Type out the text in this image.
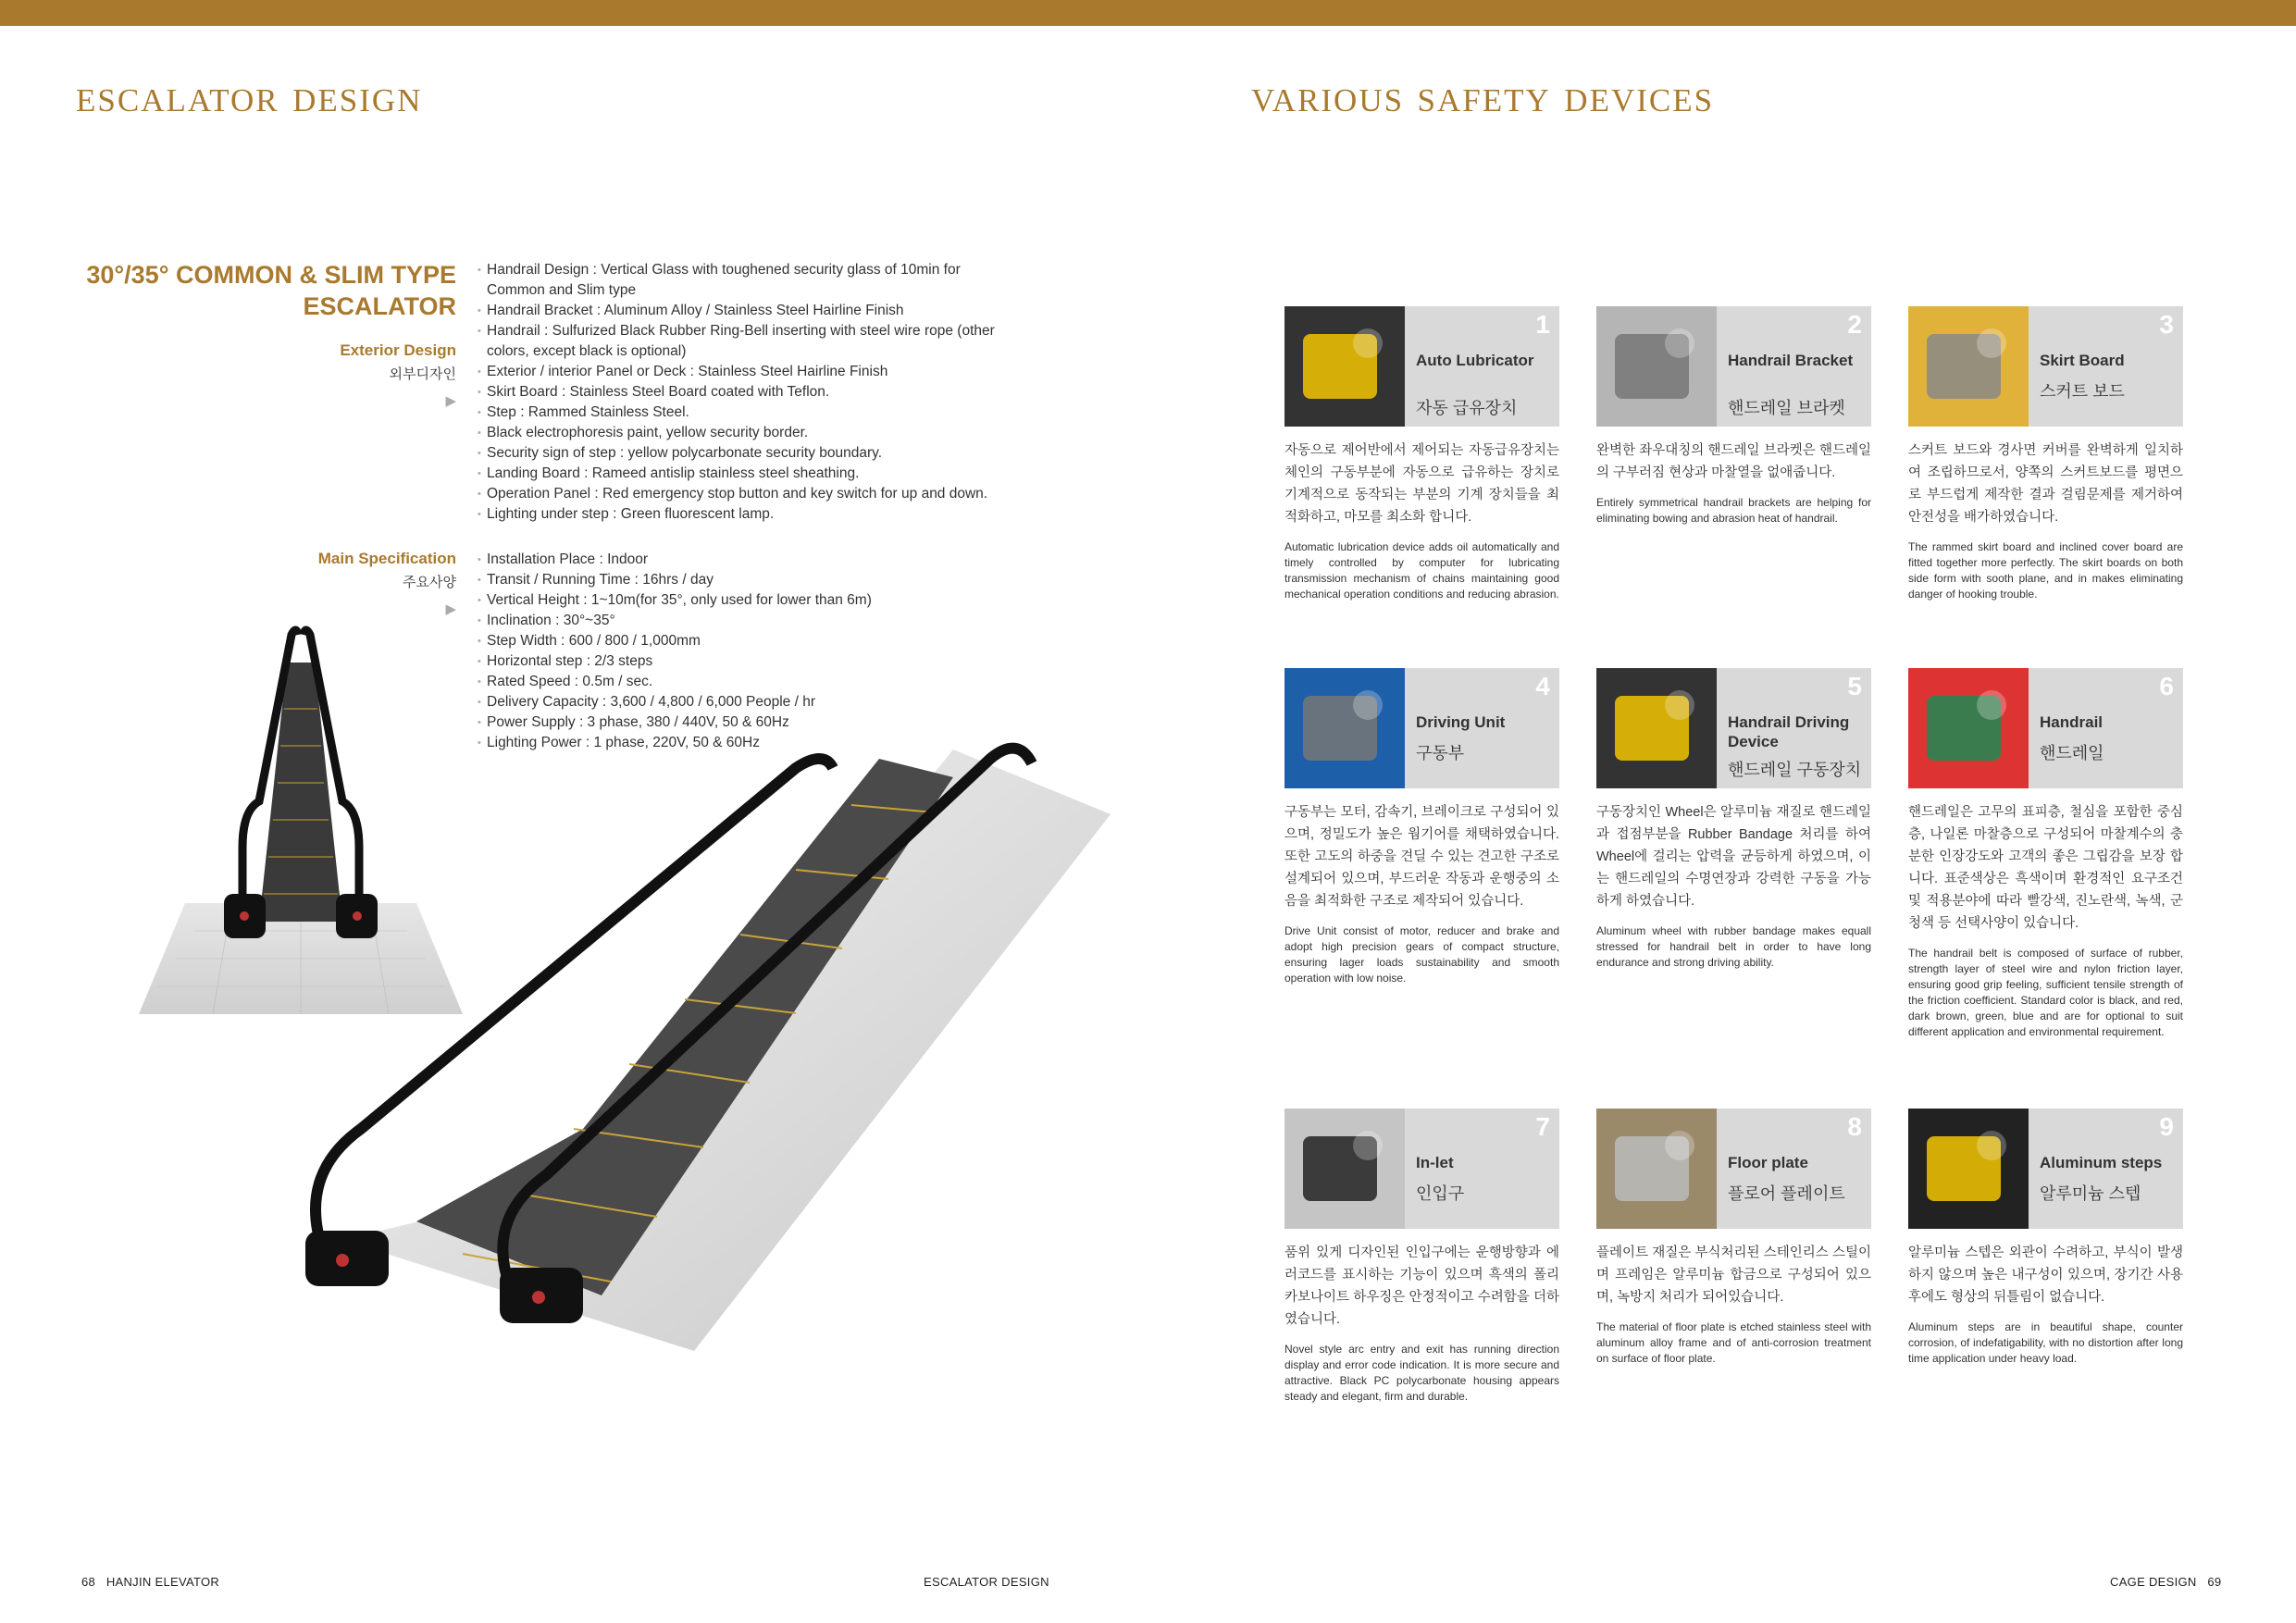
escalator design	various safety devices
30°/35° COMMON & SLIM TYPE
ESCALATOR
Exterior Design
외부디자인
▶
• Handrail Design : Vertical Glass with toughened security glass of 10min for Common and Slim type
• Handrail Bracket : Aluminum Alloy / Stainless Steel Hairline Finish
• Handrail : Sulfurized Black Rubber Ring-Bell inserting with steel wire rope (other colors, except black is optional)
• Exterior / interior Panel or Deck : Stainless Steel Hairline Finish
• Skirt Board : Stainless Steel Board coated with Teflon.
• Step : Rammed Stainless Steel.
• Black electrophoresis paint, yellow security border.
• Security sign of step : yellow polycarbonate security boundary.
• Landing Board : Rameed antislip stainless steel sheathing.
• Operation Panel : Red emergency stop button and key switch for up and down.
• Lighting under step : Green fluorescent lamp.
Main Specification
주요사양
▶
• Installation Place : Indoor
• Transit / Running Time : 16hrs / day
• Vertical Height : 1~10m(for 35°, only used for lower than 6m)
• Inclination : 30°~35°
• Step Width : 600 / 800 / 1,000mm
• Horizontal step : 2/3 steps
• Rated Speed : 0.5m / sec.
• Delivery Capacity : 3,600 / 4,800 / 6,000 People / hr
• Power Supply : 3 phase, 380 / 440V, 50 & 60Hz
• Lighting Power : 1 phase, 220V, 50 & 60Hz
1
Auto Lubricator
자동 급유장치
자동으로 제어반에서 제어되는 자동급유장치는 체인의 구동부분에 자동으로 급유하는 장치로 기계적으로 동작되는 부분의 기계 장치들을 최적화하고, 마모를 최소화 합니다.
Automatic lubrication device adds oil automatically and timely controlled by computer for lubricating transmission mechanism of chains maintaining good mechanical operation conditions and reducing abrasion.
2
Handrail Bracket
핸드레일 브라켓
완벽한 좌우대칭의 핸드레일 브라켓은 핸드레일의 구부러짐 현상과 마찰열을 없애줍니다.
Entirely symmetrical handrail brackets are helping for eliminating bowing and abrasion heat of handrail.
3
Skirt Board
스커트 보드
스커트 보드와 경사면 커버를 완벽하게 일치하여 조립하므로서, 양쪽의 스커트보드를 평면으로 부드럽게 제작한 결과 걸림문제를 제거하여 안전성을 배가하였습니다.
The rammed skirt board and inclined cover board are fitted together more perfectly. The skirt boards on both side form with sooth plane, and in makes eliminating danger of hooking trouble.
4
Driving Unit
구동부
구동부는 모터, 감속기, 브레이크로 구성되어 있으며, 정밀도가 높은 웜기어를 채택하였습니다. 또한 고도의 하중을 견딜 수 있는 견고한 구조로 설계되어 있으며, 부드러운 작동과 운행중의 소음을 최적화한 구조로 제작되어 있습니다.
Drive Unit consist of motor, reducer and brake and adopt high precision gears of compact structure, ensuring lager loads sustainability and smooth operation with low noise.
5
Handrail Driving Device
핸드레일 구동장치
구동장치인 Wheel은 알루미늄 재질로 핸드레일과 접점부분을 Rubber Bandage 처리를 하여 Wheel에 걸리는 압력을 균등하게 하였으며, 이는 핸드레일의 수명연장과 강력한 구동을 가능하게 하였습니다.
Aluminum wheel with rubber bandage makes equall stressed for handrail belt in order to have long endurance and strong driving ability.
6
Handrail
핸드레일
핸드레일은 고무의 표피층, 철심을 포함한 중심층, 나일론 마찰층으로 구성되어 마찰계수의 충분한 인장강도와 고객의 좋은 그립감을 보장 합니다. 표준색상은 흑색이며 환경적인 요구조건 및 적용분야에 따라 빨강색, 진노란색, 녹색, 군청색 등 선택사양이 있습니다.
The handrail belt is composed of surface of rubber, strength layer of steel wire and nylon friction layer, ensuring good grip feeling, sufficient tensile strength of the friction coefficient. Standard color is black, and red, dark brown, green, blue and are for optional to suit different application and environmental requirement.
7
In-let
인입구
품위 있게 디자인된 인입구에는 운행방향과 에러코드를 표시하는 기능이 있으며 흑색의 폴리카보나이트 하우징은 안정적이고 수려함을 더하였습니다.
Novel style arc entry and exit has running direction display and error code indication. It is more secure and attractive. Black PC polycarbonate housing appears steady and elegant, firm and durable.
8
Floor plate
플로어 플레이트
플레이트 재질은 부식처리된 스테인리스 스틸이며 프레임은 알루미늄 합금으로 구성되어 있으며, 녹방지 처리가 되어있습니다.
The material of floor plate is etched stainless steel with aluminum alloy frame and of anti-corrosion treatment on surface of floor plate.
9
Aluminum steps
알루미늄 스텝
알루미늄 스텝은 외관이 수려하고, 부식이 발생하지 않으며 높은 내구성이 있으며, 장기간 사용 후에도 형상의 뒤틀림이 없습니다.
Aluminum steps are in beautiful shape, counter corrosion, of indefatigability, with no distortion after long time application under heavy load.
68 HANJIN ELEVATOR	ESCALATOR DESIGN	CAGE DESIGN 69
